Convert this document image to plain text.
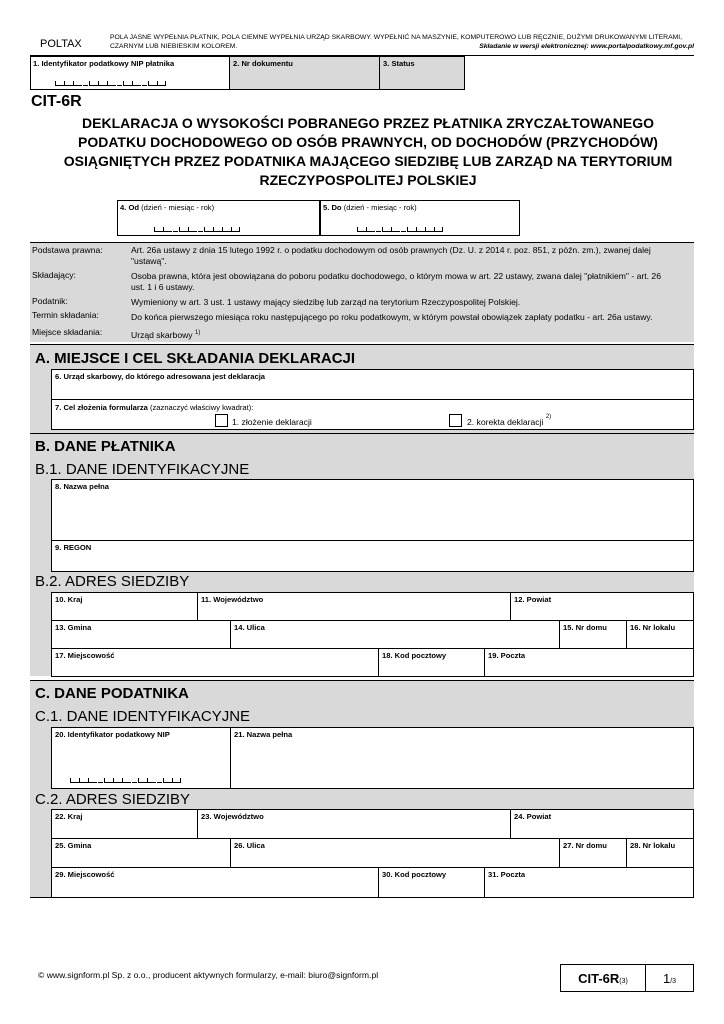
POLTAX
POLA JASNE WYPEŁNIA PŁATNIK, POLA CIEMNE WYPEŁNIA URZĄD SKARBOWY. WYPEŁNIĆ NA MASZYNIE, KOMPUTEROWO LUB RĘCZNIE, DUŻYMI DRUKOWANYMI LITERAMI, CZARNYM LUB NIEBIESKIM KOLOREM.	Składanie w wersji elektronicznej: www.portalpodatkowy.mf.gov.pl
1. Identyfikator podatkowy NIP płatnika	2. Nr dokumentu	3. Status
CIT-6R
DEKLARACJA O WYSOKOŚCI POBRANEGO PRZEZ PŁATNIKA ZRYCZAŁTOWANEGO PODATKU DOCHODOWEGO OD OSÓB PRAWNYCH, OD DOCHODÓW (PRZYCHODÓW) OSIĄGNIĘTYCH PRZEZ PODATNIKA MAJĄCEGO SIEDZIBĘ LUB ZARZĄD NA TERYTORIUM RZECZYPOSPOLITEJ POLSKIEJ
4. Od (dzień - miesiąc - rok)	5. Do (dzień - miesiąc - rok)
Podstawa prawna:	Art. 26a ustawy z dnia 15 lutego 1992 r. o podatku dochodowym od osób prawnych (Dz. U. z 2014 r. poz. 851, z późn. zm.), zwanej dalej "ustawą".
Składający:	Osoba prawna, która jest obowiązana do poboru podatku dochodowego, o którym mowa w art. 22 ustawy, zwana dalej "płatnikiem" - art. 26 ust. 1 i 6 ustawy.
Podatnik:	Wymieniony w art. 3 ust. 1 ustawy mający siedzibę lub zarząd na terytorium Rzeczypospolitej Polskiej.
Termin składania:	Do końca pierwszego miesiąca roku następującego po roku podatkowym, w którym powstał obowiązek zapłaty podatku - art. 26a ustawy.
Miejsce składania:	Urząd skarbowy $^{1)}$
A. MIEJSCE I CEL SKŁADANIA DEKLARACJI
6. Urząd skarbowy, do którego adresowana jest deklaracja
7. Cel złożenia formularza (zaznaczyć właściwy kwadrat):
1. złożenie deklaracji	2. korekta deklaracji $^{2)}$
B. DANE PŁATNIKA
B.1. DANE IDENTYFIKACYJNE
8. Nazwa pełna
9. REGON
B.2. ADRES SIEDZIBY
10. Kraj	11. Województwo	12. Powiat
13. Gmina	14. Ulica	15. Nr domu	16. Nr lokalu
17. Miejscowość	18. Kod pocztowy	19. Poczta
C. DANE PODATNIKA
C.1. DANE IDENTYFIKACYJNE
20. Identyfikator podatkowy NIP	21. Nazwa pełna
C.2. ADRES SIEDZIBY
22. Kraj	23. Województwo	24. Powiat
25. Gmina	26. Ulica	27. Nr domu	28. Nr lokalu
29. Miejscowość	30. Kod pocztowy	31. Poczta
© www.signform.pl Sp. z o.o., producent aktywnych formularzy, e-mail: biuro@signform.pl	CIT-6R(3)	1/3
